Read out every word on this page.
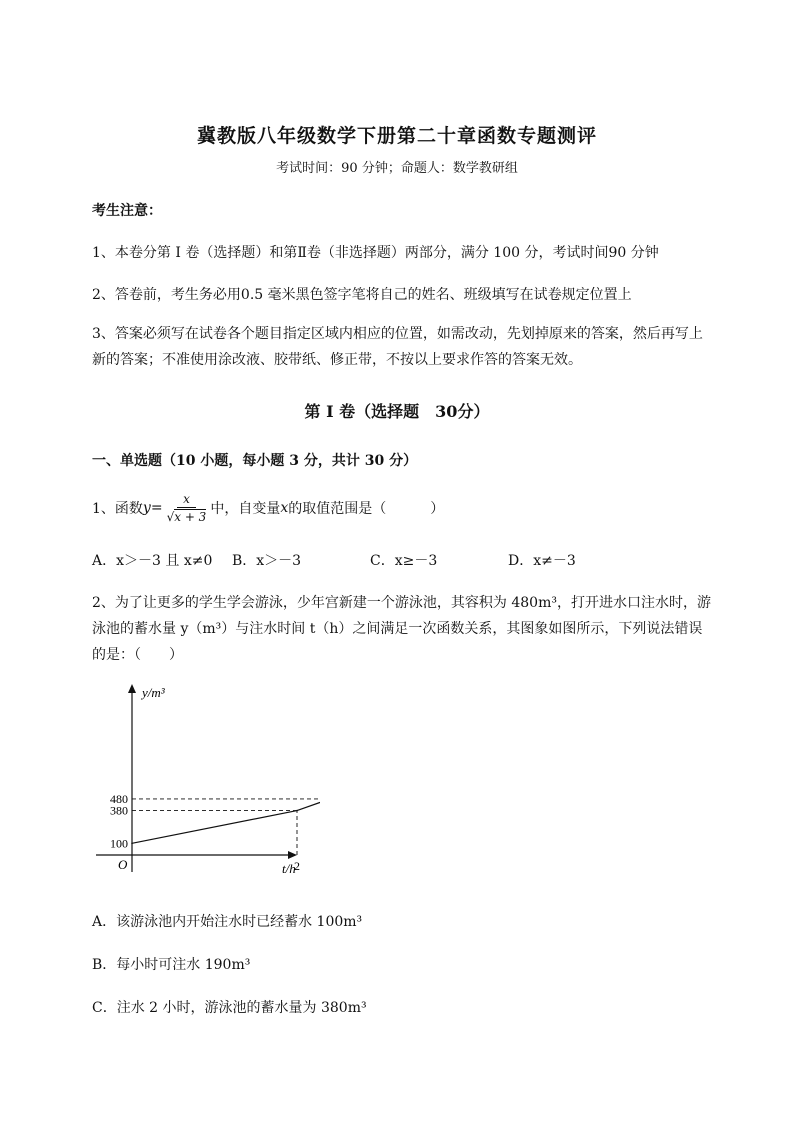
冀教版八年级数学下册第二十章函数专题测评
考试时间：90 分钟；命题人：数学教研组
考生注意：
1、本卷分第 I 卷（选择题）和第Ⅱ卷（非选择题）两部分，满分 100 分，考试时间90 分钟
2、答卷前，考生务必用0.5 毫米黑色签字笔将自己的姓名、班级填写在试卷规定位置上
3、答案必须写在试卷各个题目指定区域内相应的位置，如需改动，先划掉原来的答案，然后再写上新的答案；不准使用涂改液、胶带纸、修正带，不按以上要求作答的答案无效。
第 I 卷（选择题　30分）
一、单选题（10 小题，每小题 3 分，共计 30 分）
1、函数 $y = \frac{x}{√x + 3}$ 中，自变量 x 的取值范围是（	）
A．x＞－3 且 x≠0 B．x＞－3	C．x≥－3	D．x≠－3
2、为了让更多的学生学会游泳，少年宫新建一个游泳池，其容积为 480m³，打开进水口注水时，游泳池的蓄水量 y（m³）与注水时间 t（h）之间满足一次函数关系，其图象如图所示，下列说法错误的是：（　　）
y/m³
t/h
O
480
380
100
2
A．该游泳池内开始注水时已经蓄水 100m³
B．每小时可注水 190m³
C．注水 2 小时，游泳池的蓄水量为 380m³
